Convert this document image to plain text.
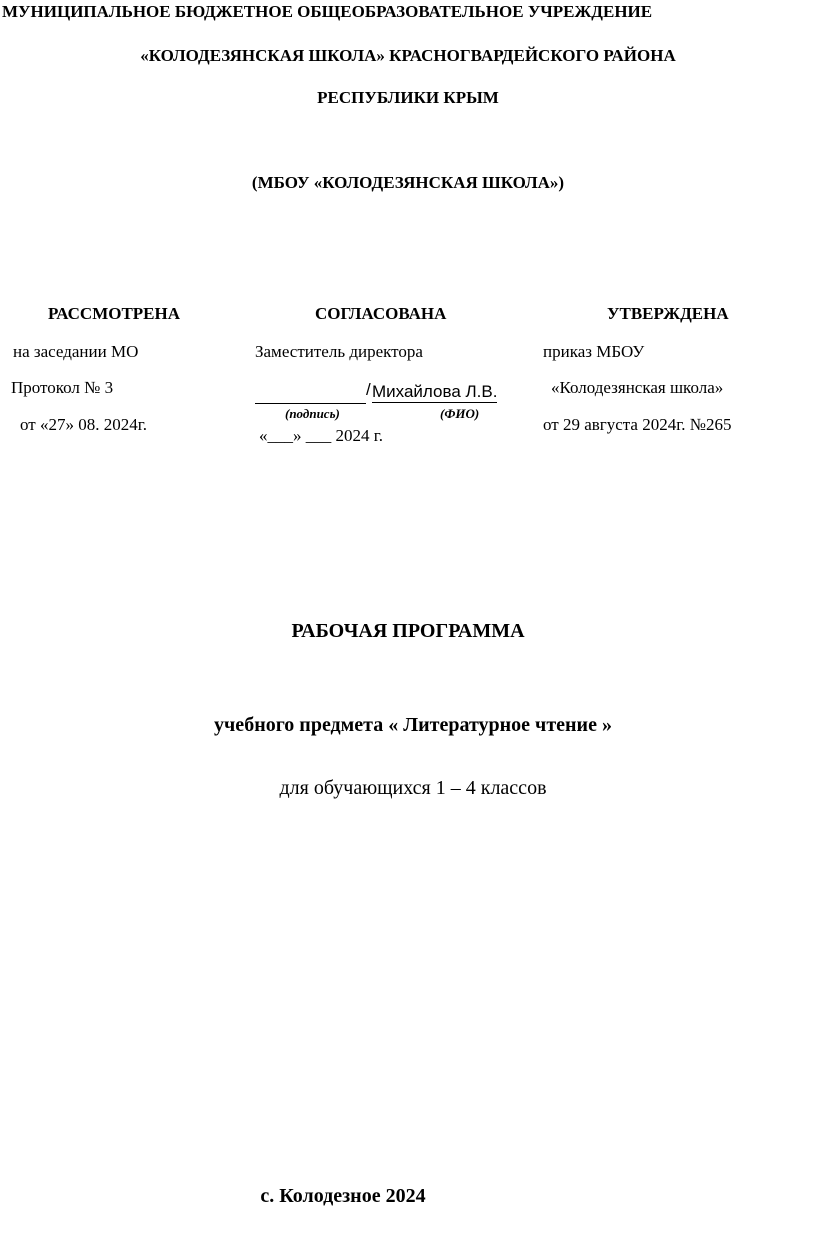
МУНИЦИПАЛЬНОЕ БЮДЖЕТНОЕ ОБЩЕОБРАЗОВАТЕЛЬНОЕ УЧРЕЖДЕНИЕ
«КОЛОДЕЗЯНСКАЯ ШКОЛА» КРАСНОГВАРДЕЙСКОГО РАЙОНА
РЕСПУБЛИКИ КРЫМ
(МБОУ «КОЛОДЕЗЯНСКАЯ ШКОЛА»)
РАССМОТРЕНА
на заседании МО
Протокол № 3
от «27» 08. 2024г.
СОГЛАСОВАНА
Заместитель директора
/ Михайлова Л.В.
(подпись)	(ФИО)
«___» ___ 2024 г.
УТВЕРЖДЕНА
приказ МБОУ
«Колодезянская школа»
от 29 августа 2024г. №265
РАБОЧАЯ ПРОГРАММА
учебного предмета « Литературное чтение »
для обучающихся 1 – 4 классов
с. Колодезное 2024
